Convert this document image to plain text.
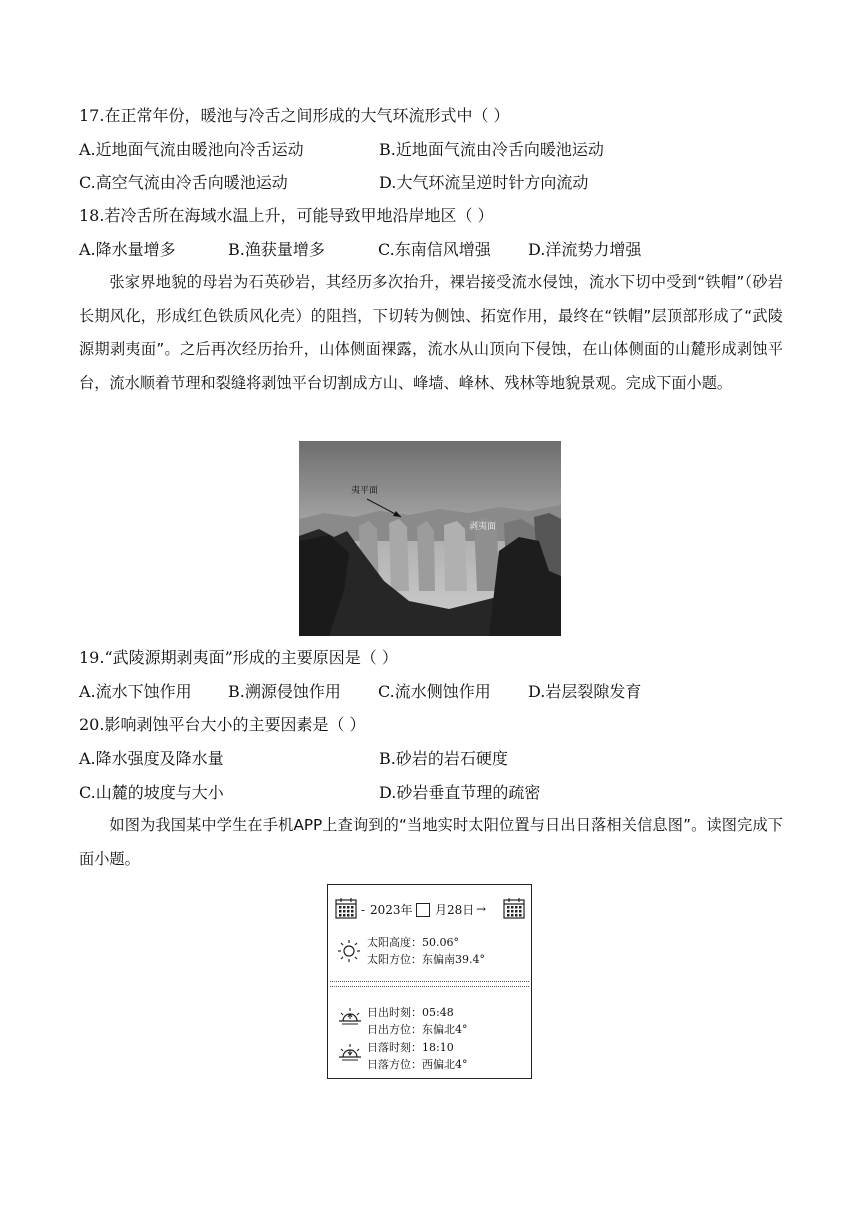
17.在正常年份，暖池与冷舌之间形成的大气环流形式中（ ）
A.近地面气流由暖池向冷舌运动	B.近地面气流由冷舌向暖池运动
C.高空气流由冷舌向暖池运动	D.大气环流呈逆时针方向流动
18.若冷舌所在海域水温上升，可能导致甲地沿岸地区（ ）
A.降水量增多	B.渔获量增多	C.东南信风增强 D.洋流势力增强

张家界地貌的母岩为石英砂岩，其经历多次抬升，裸岩接受流水侵蚀，流水下切中受到“铁帽”（砂岩长期风化，形成红色铁质风化壳）的阻挡，下切转为侧蚀、拓宽作用，最终在“铁帽”层顶部形成了“武陵源期剥夷面”。之后再次经历抬升，山体侧面裸露，流水从山顶向下侵蚀，在山体侧面的山麓形成剥蚀平台，流水顺着节理和裂缝将剥蚀平台切割成方山、峰墙、峰林、残林等地貌景观。完成下面小题。

夷平面
剥夷面
19.“武陵源期剥夷面”形成的主要原因是（ ）
A.流水下蚀作用 B.溯源侵蚀作用 C.流水侧蚀作用 D.岩层裂隙发育
20.影响剥蚀平台大小的主要因素是（ ）
A.降水强度及降水量	B.砂岩的岩石硬度
C.山麓的坡度与大小	D.砂岩垂直节理的疏密

如图为我国某中学生在手机APP上查询到的“当地实时太阳位置与日出日落相关信息图”。读图完成下面小题。

- 2023年 月28日 →
太阳高度：50.06°
太阳方位：东偏南39.4°
日出时刻：05:48
日出方位：东偏北4°
日落时刻：18:10
日落方位：西偏北4°
